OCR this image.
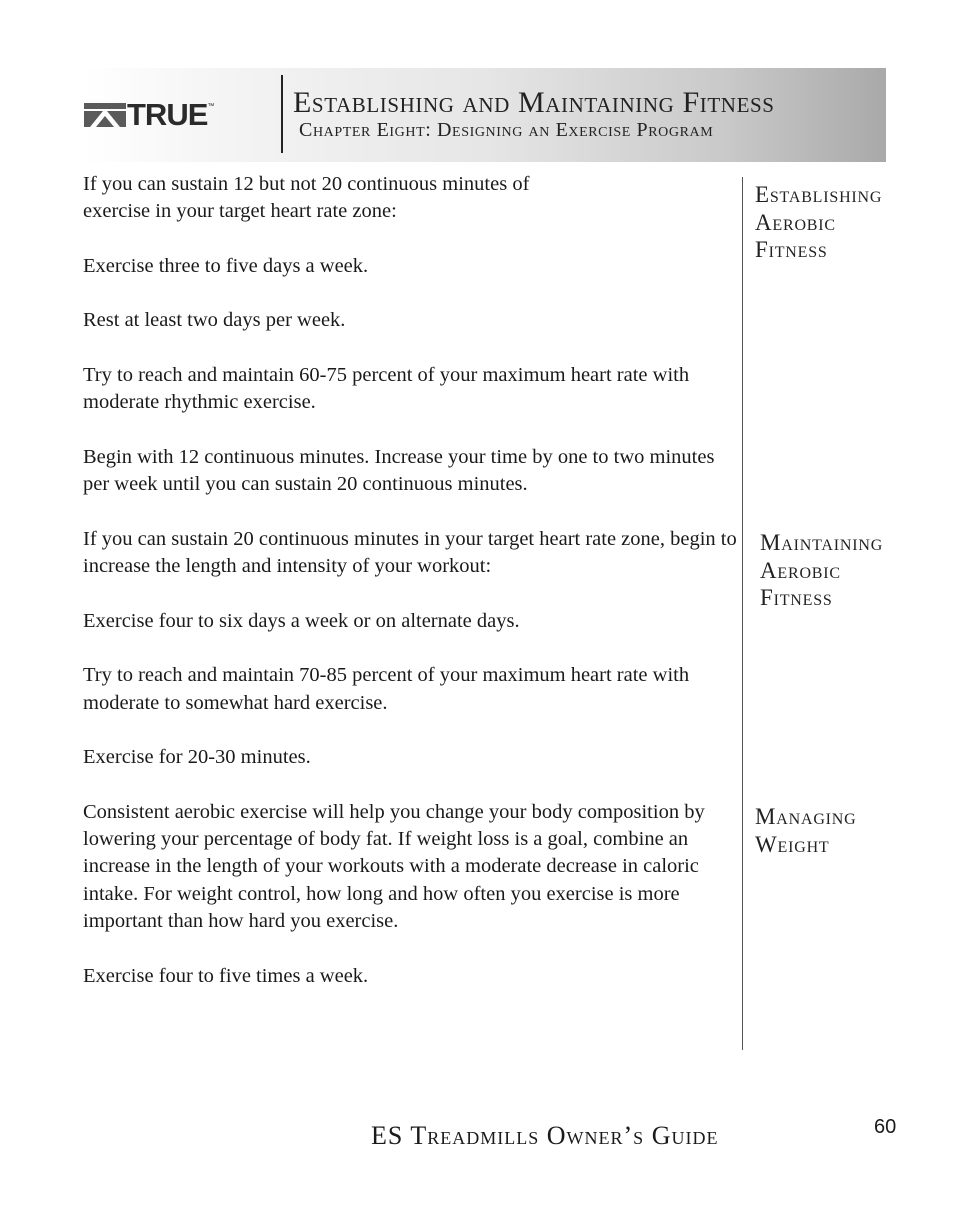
TRUE ™	Establishing and Maintaining Fitness
Chapter Eight: Designing an Exercise Program

If you can sustain 12 but not 20 continuous minutes of
exercise in your target heart rate zone:

Exercise three to five days a week.

Rest at least two days per week.

Try to reach and maintain 60-75 percent of your maximum heart rate with moderate rhythmic exercise.

Begin with 12 continuous minutes. Increase your time by one to two minutes per week until you can sustain 20 continuous minutes.

If you can sustain 20 continuous minutes in your target heart rate zone, begin to increase the length and intensity of your workout:

Exercise four to six days a week or on alternate days.

Try to reach and maintain 70-85 percent of your maximum heart rate with moderate to somewhat hard exercise.

Exercise for 20-30 minutes.

Consistent aerobic exercise will help you change your body composition by lowering your percentage of body fat. If weight loss is a goal, combine an increase in the length of your workouts with a moderate decrease in caloric intake. For weight control, how long and how often you exercise is more important than how hard you exercise.

Exercise four to five times a week.

Establishing
Aerobic
Fitness
Maintaining
Aerobic
Fitness
Managing
Weight
ES Treadmills Owner’s Guide	60
